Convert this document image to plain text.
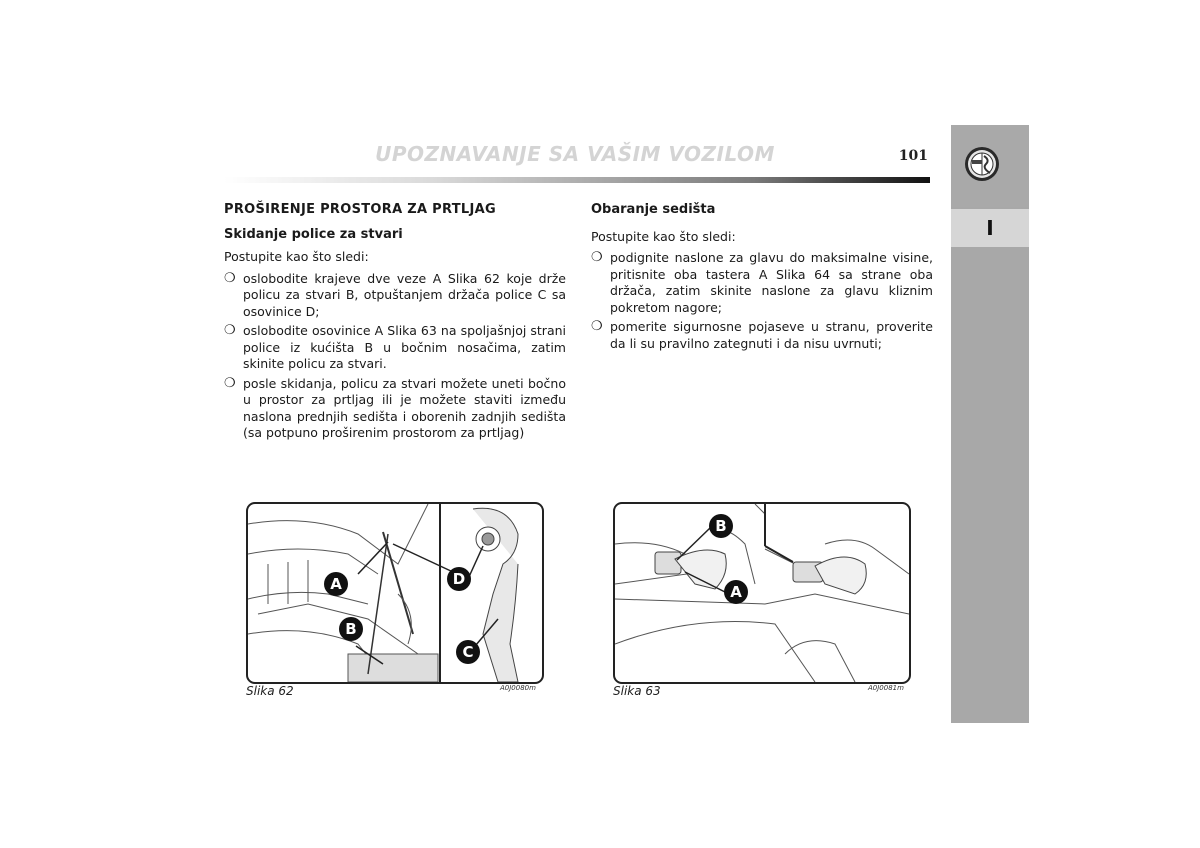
UPOZNAVANJE SA VAŠIM VOZILOM	101
I
PROŠIRENJE PROSTORA ZA PRTLJAG
Skidanje police za stvari
Postupite kao što sledi:
❍ oslobodite krajeve dve veze A Slika 62 koje drže policu za stvari B, otpuštanjem držača police C sa osovinice D;
❍ oslobodite osovinice A Slika 63 na spoljašnjoj strani police iz kućišta B u bočnim nosačima, zatim skinite policu za stvari.
❍ posle skidanja, policu za stvari možete uneti bočno u prostor za prtljag ili je možete staviti između naslona prednjih sedišta i oborenih zadnjih sedišta (sa potpuno proširenim prostorom za prtljag)
Obaranje sedišta
Postupite kao što sledi:
❍ podignite naslone za glavu do maksimalne visine, pritisnite oba tastera A Slika 64 sa strane oba držača, zatim skinite naslone za glavu kliznim pokretom nagore;
❍ pomerite sigurnosne pojaseve u stranu, proverite da li su pravilno zategnuti i da nisu uvrnuti;
A
B
C
D
Slika 62	A0J0080m
B
A
Slika 63	A0J0081m
